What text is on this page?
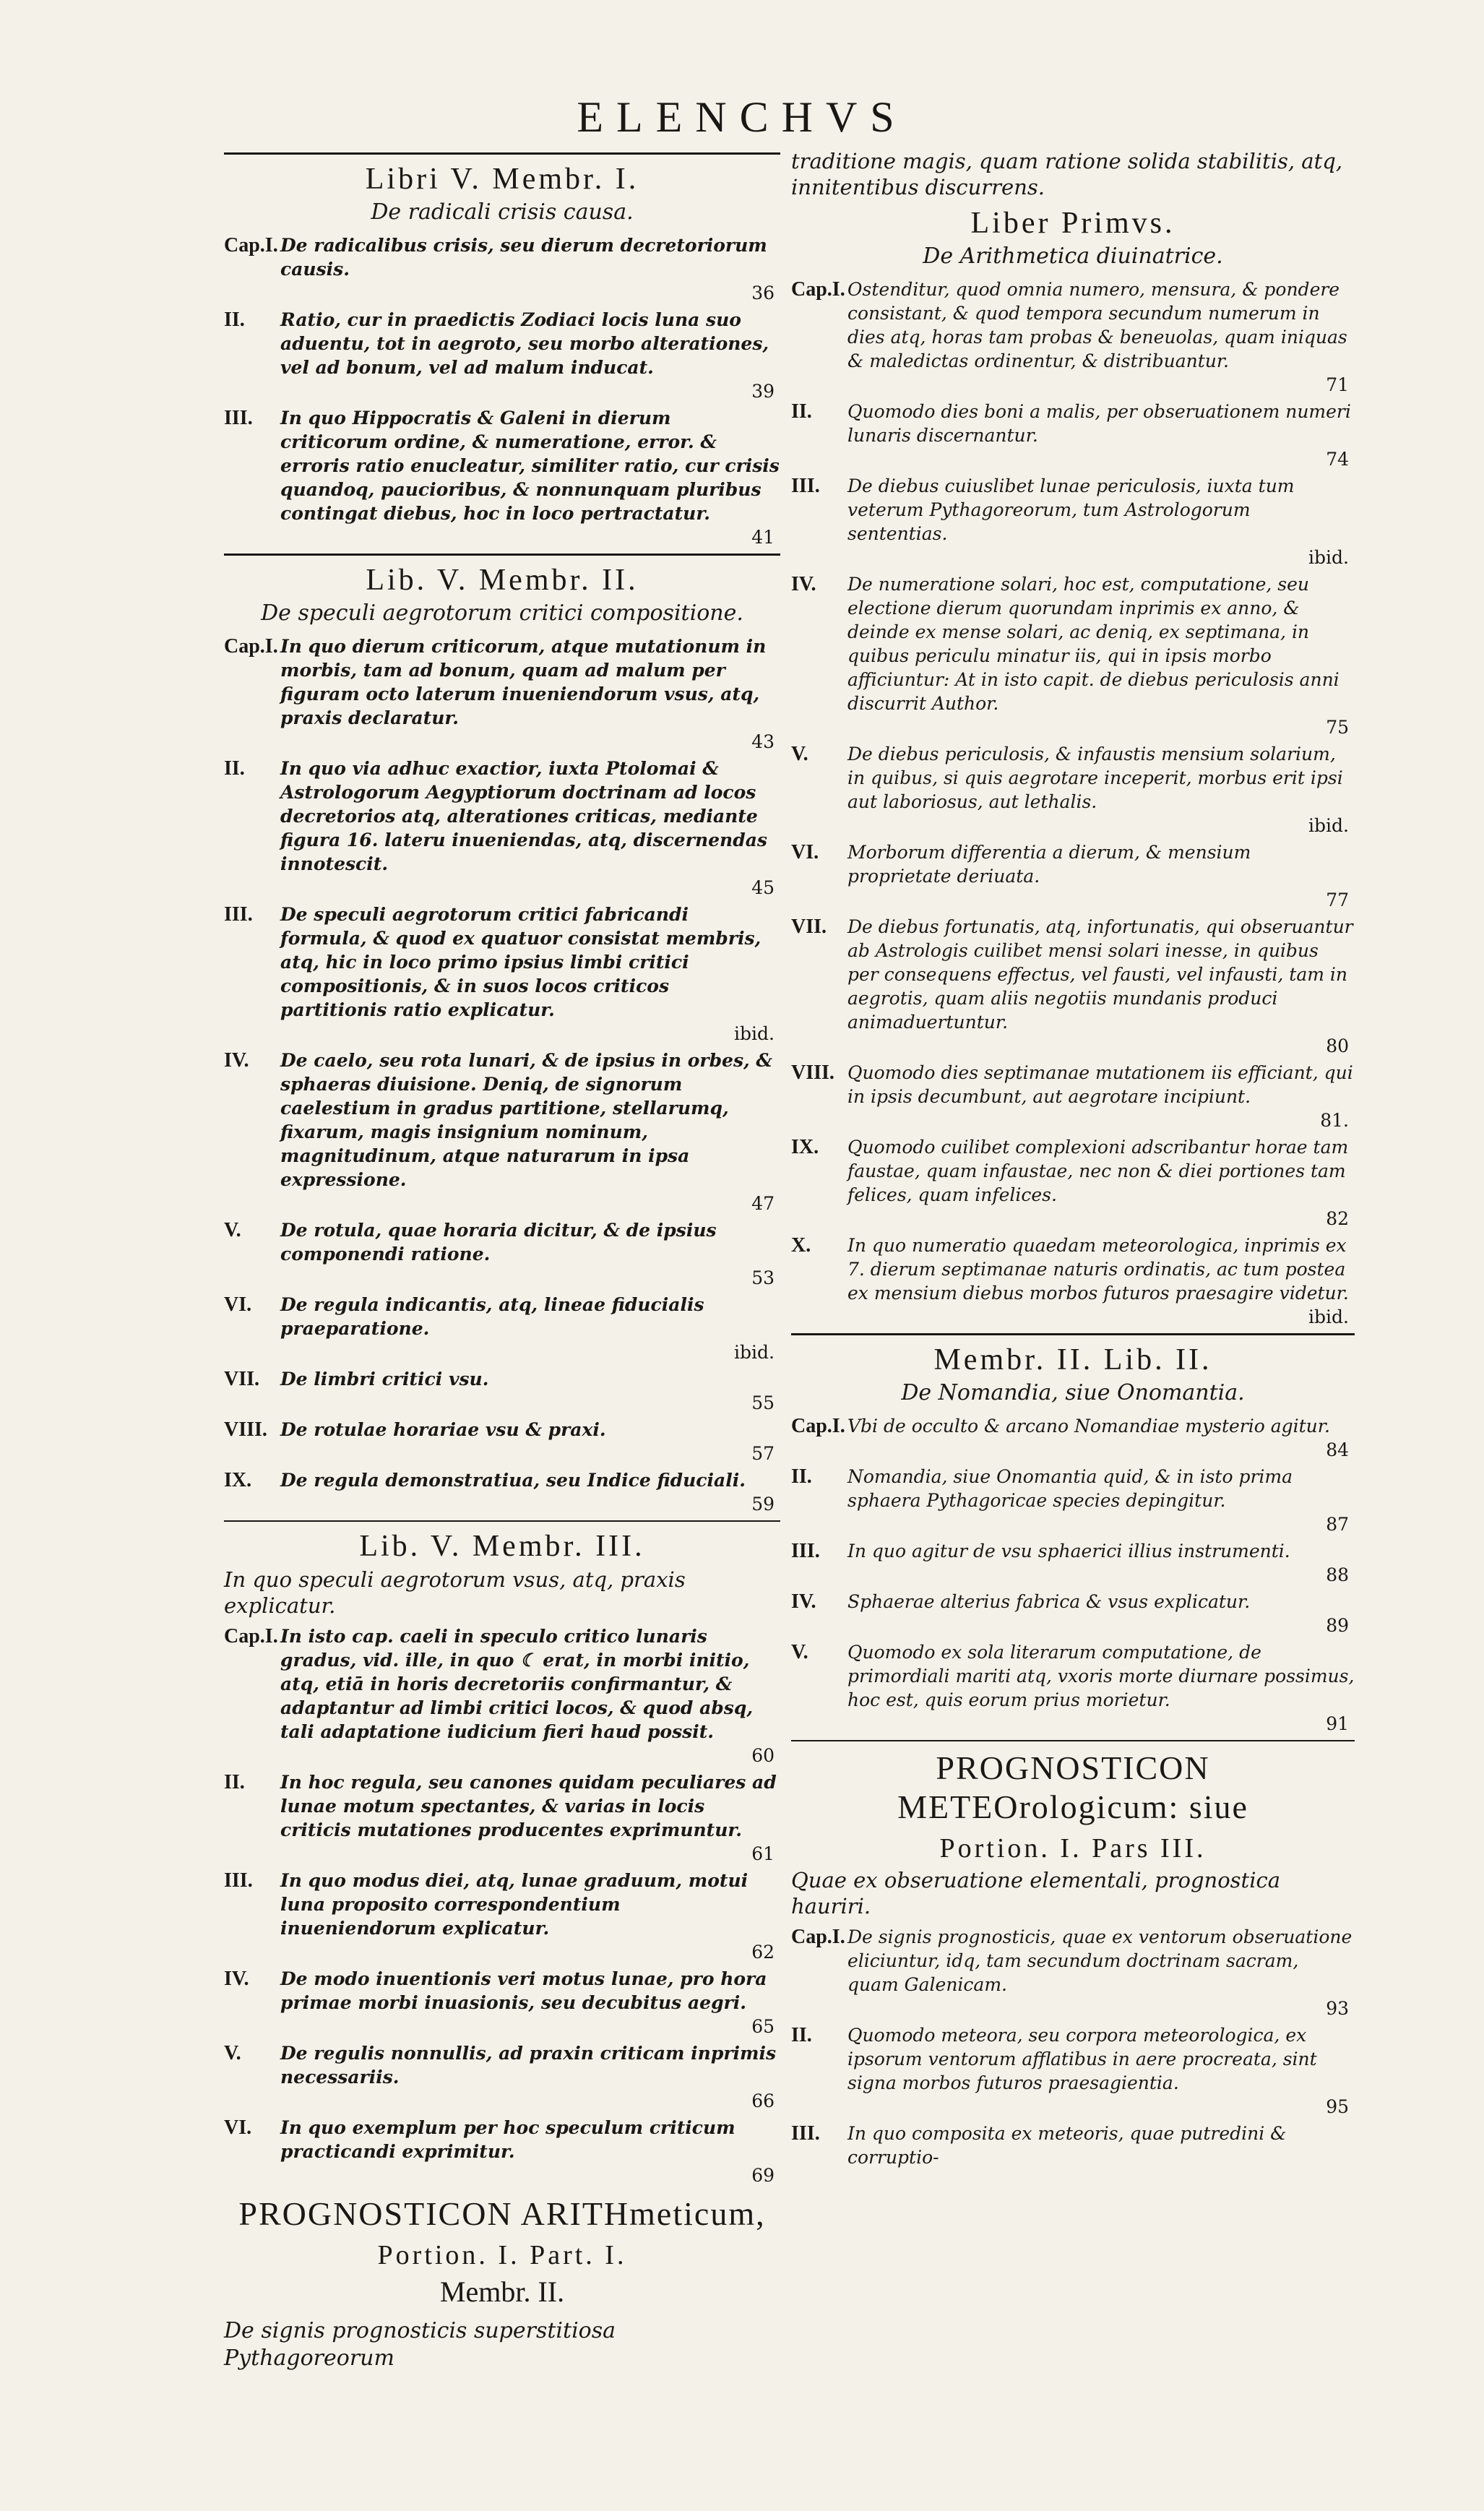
ELENCHVS
Libri V. Membr. I.
De radicali crisis causa.
Cap.I. De radicalibus crisis, seu dierum decretoriorum causis.
36
II.	Ratio, cur in praedictis Zodiaci locis luna suo aduentu, tot in aegroto, seu morbo alterationes, vel ad bonum, vel ad malum inducat.
39
III.	In quo Hippocratis & Galeni in dierum criticorum ordine, & numeratione, error. & erroris ratio enucleatur, similiter ratio, cur crisis quandoq, paucioribus, & nonnunquam pluribus contingat diebus, hoc in loco pertractatur.
41
Lib. V. Membr. II.
De speculi aegrotorum critici compositione.
Cap.I. In quo dierum criticorum, atque mutationum in morbis, tam ad bonum, quam ad malum per figuram octo laterum inueniendorum vsus, atq, praxis declaratur.
43
II.	In quo via adhuc exactior, iuxta Ptolomai & Astrologorum Aegyptiorum doctrinam ad locos decretorios atq, alterationes criticas, mediante figura 16. lateru inueniendas, atq, discernendas innotescit.
45
III.	De speculi aegrotorum critici fabricandi formula, & quod ex quatuor consistat membris, atq, hic in loco primo ipsius limbi critici compositionis, & in suos locos criticos partitionis ratio explicatur.
ibid.
IV.	De caelo, seu rota lunari, & de ipsius in orbes, & sphaeras diuisione. Deniq, de signorum caelestium in gradus partitione, stellarumq, fixarum, magis insignium nominum, magnitudinum, atque naturarum in ipsa expressione.
47
V.	De rotula, quae horaria dicitur, & de ipsius componendi ratione.
53
VI.	De regula indicantis, atq, lineae fiducialis praeparatione.
ibid.
VII.	De limbri critici vsu.
55
VIII. De rotulae horariae vsu & praxi.
57
IX.	De regula demonstratiua, seu Indice fiduciali.
59
Lib. V. Membr. III.
In quo speculi aegrotorum vsus, atq, praxis explicatur.
Cap.I. In isto cap. caeli in speculo critico lunaris gradus, vid. ille, in quo ☾ erat, in morbi initio, atq, etiā in horis decretoriis confirmantur, & adaptantur ad limbi critici locos, & quod absq, tali adaptatione iudicium fieri haud possit.
60
II.	In hoc regula, seu canones quidam peculiares ad lunae motum spectantes, & varias in locis criticis mutationes producentes exprimuntur.
61
III.	In quo modus diei, atq, lunae graduum, motui luna proposito correspondentium inueniendorum explicatur.
62
IV.	De modo inuentionis veri motus lunae, pro hora primae morbi inuasionis, seu decubitus aegri.
65
V.	De regulis nonnullis, ad praxin criticam inprimis necessariis.
66
VI.	In quo exemplum per hoc speculum criticum practicandi exprimitur.
69
PROGNOSTICON ARITHmeticum,
Portion. I. Part. I.
Membr. II.
De signis prognosticis superstitiosa Pythagoreorum
traditione magis, quam ratione solida stabilitis, atq, innitentibus discurrens.
Liber Primvs.
De Arithmetica diuinatrice.
Cap.I. Ostenditur, quod omnia numero, mensura, & pondere consistant, & quod tempora secundum numerum in dies atq, horas tam probas & beneuolas, quam iniquas & maledictas ordinentur, & distribuantur.
71
II.	Quomodo dies boni a malis, per obseruationem numeri lunaris discernantur.
74
III.	De diebus cuiuslibet lunae periculosis, iuxta tum veterum Pythagoreorum, tum Astrologorum sententias.
ibid.
IV.	De numeratione solari, hoc est, computatione, seu electione dierum quorundam inprimis ex anno, & deinde ex mense solari, ac deniq, ex septimana, in quibus periculu minatur iis, qui in ipsis morbo afficiuntur: At in isto capit. de diebus periculosis anni discurrit Author.
75
V.	De diebus periculosis, & infaustis mensium solarium, in quibus, si quis aegrotare inceperit, morbus erit ipsi aut laboriosus, aut lethalis.
ibid.
VI.	Morborum differentia a dierum, & mensium proprietate deriuata.
77
VII.	De diebus fortunatis, atq, infortunatis, qui obseruantur ab Astrologis cuilibet mensi solari inesse, in quibus per consequens effectus, vel fausti, vel infausti, tam in aegrotis, quam aliis negotiis mundanis produci animaduertuntur.
80
VIII. Quomodo dies septimanae mutationem iis efficiant, qui in ipsis decumbunt, aut aegrotare incipiunt.
81.
IX.	Quomodo cuilibet complexioni adscribantur horae tam faustae, quam infaustae, nec non & diei portiones tam felices, quam infelices.
82
X.	In quo numeratio quaedam meteorologica, inprimis ex 7. dierum septimanae naturis ordinatis, ac tum postea ex mensium diebus morbos futuros praesagire videtur.
ibid.
Membr. II. Lib. II.
De Nomandia, siue Onomantia.
Cap.I. Vbi de occulto & arcano Nomandiae mysterio agitur.
84
II.	Nomandia, siue Onomantia quid, & in isto prima sphaera Pythagoricae species depingitur.
87
III.	In quo agitur de vsu sphaerici illius instrumenti.
88
IV.	Sphaerae alterius fabrica & vsus explicatur.
89
V.	Quomodo ex sola literarum computatione, de primordiali mariti atq, vxoris morte diurnare possimus, hoc est, quis eorum prius morietur.
91
PROGNOSTICON METEOrologicum: siue
Portion. I. Pars III.
Quae ex obseruatione elementali, prognostica hauriri.
Cap.I. De signis prognosticis, quae ex ventorum obseruatione eliciuntur, idq, tam secundum doctrinam sacram, quam Galenicam.
93
II.	Quomodo meteora, seu corpora meteorologica, ex ipsorum ventorum afflatibus in aere procreata, sint signa morbos futuros praesagientia.
95
III.	In quo composita ex meteoris, quae putredini & corruptio-
